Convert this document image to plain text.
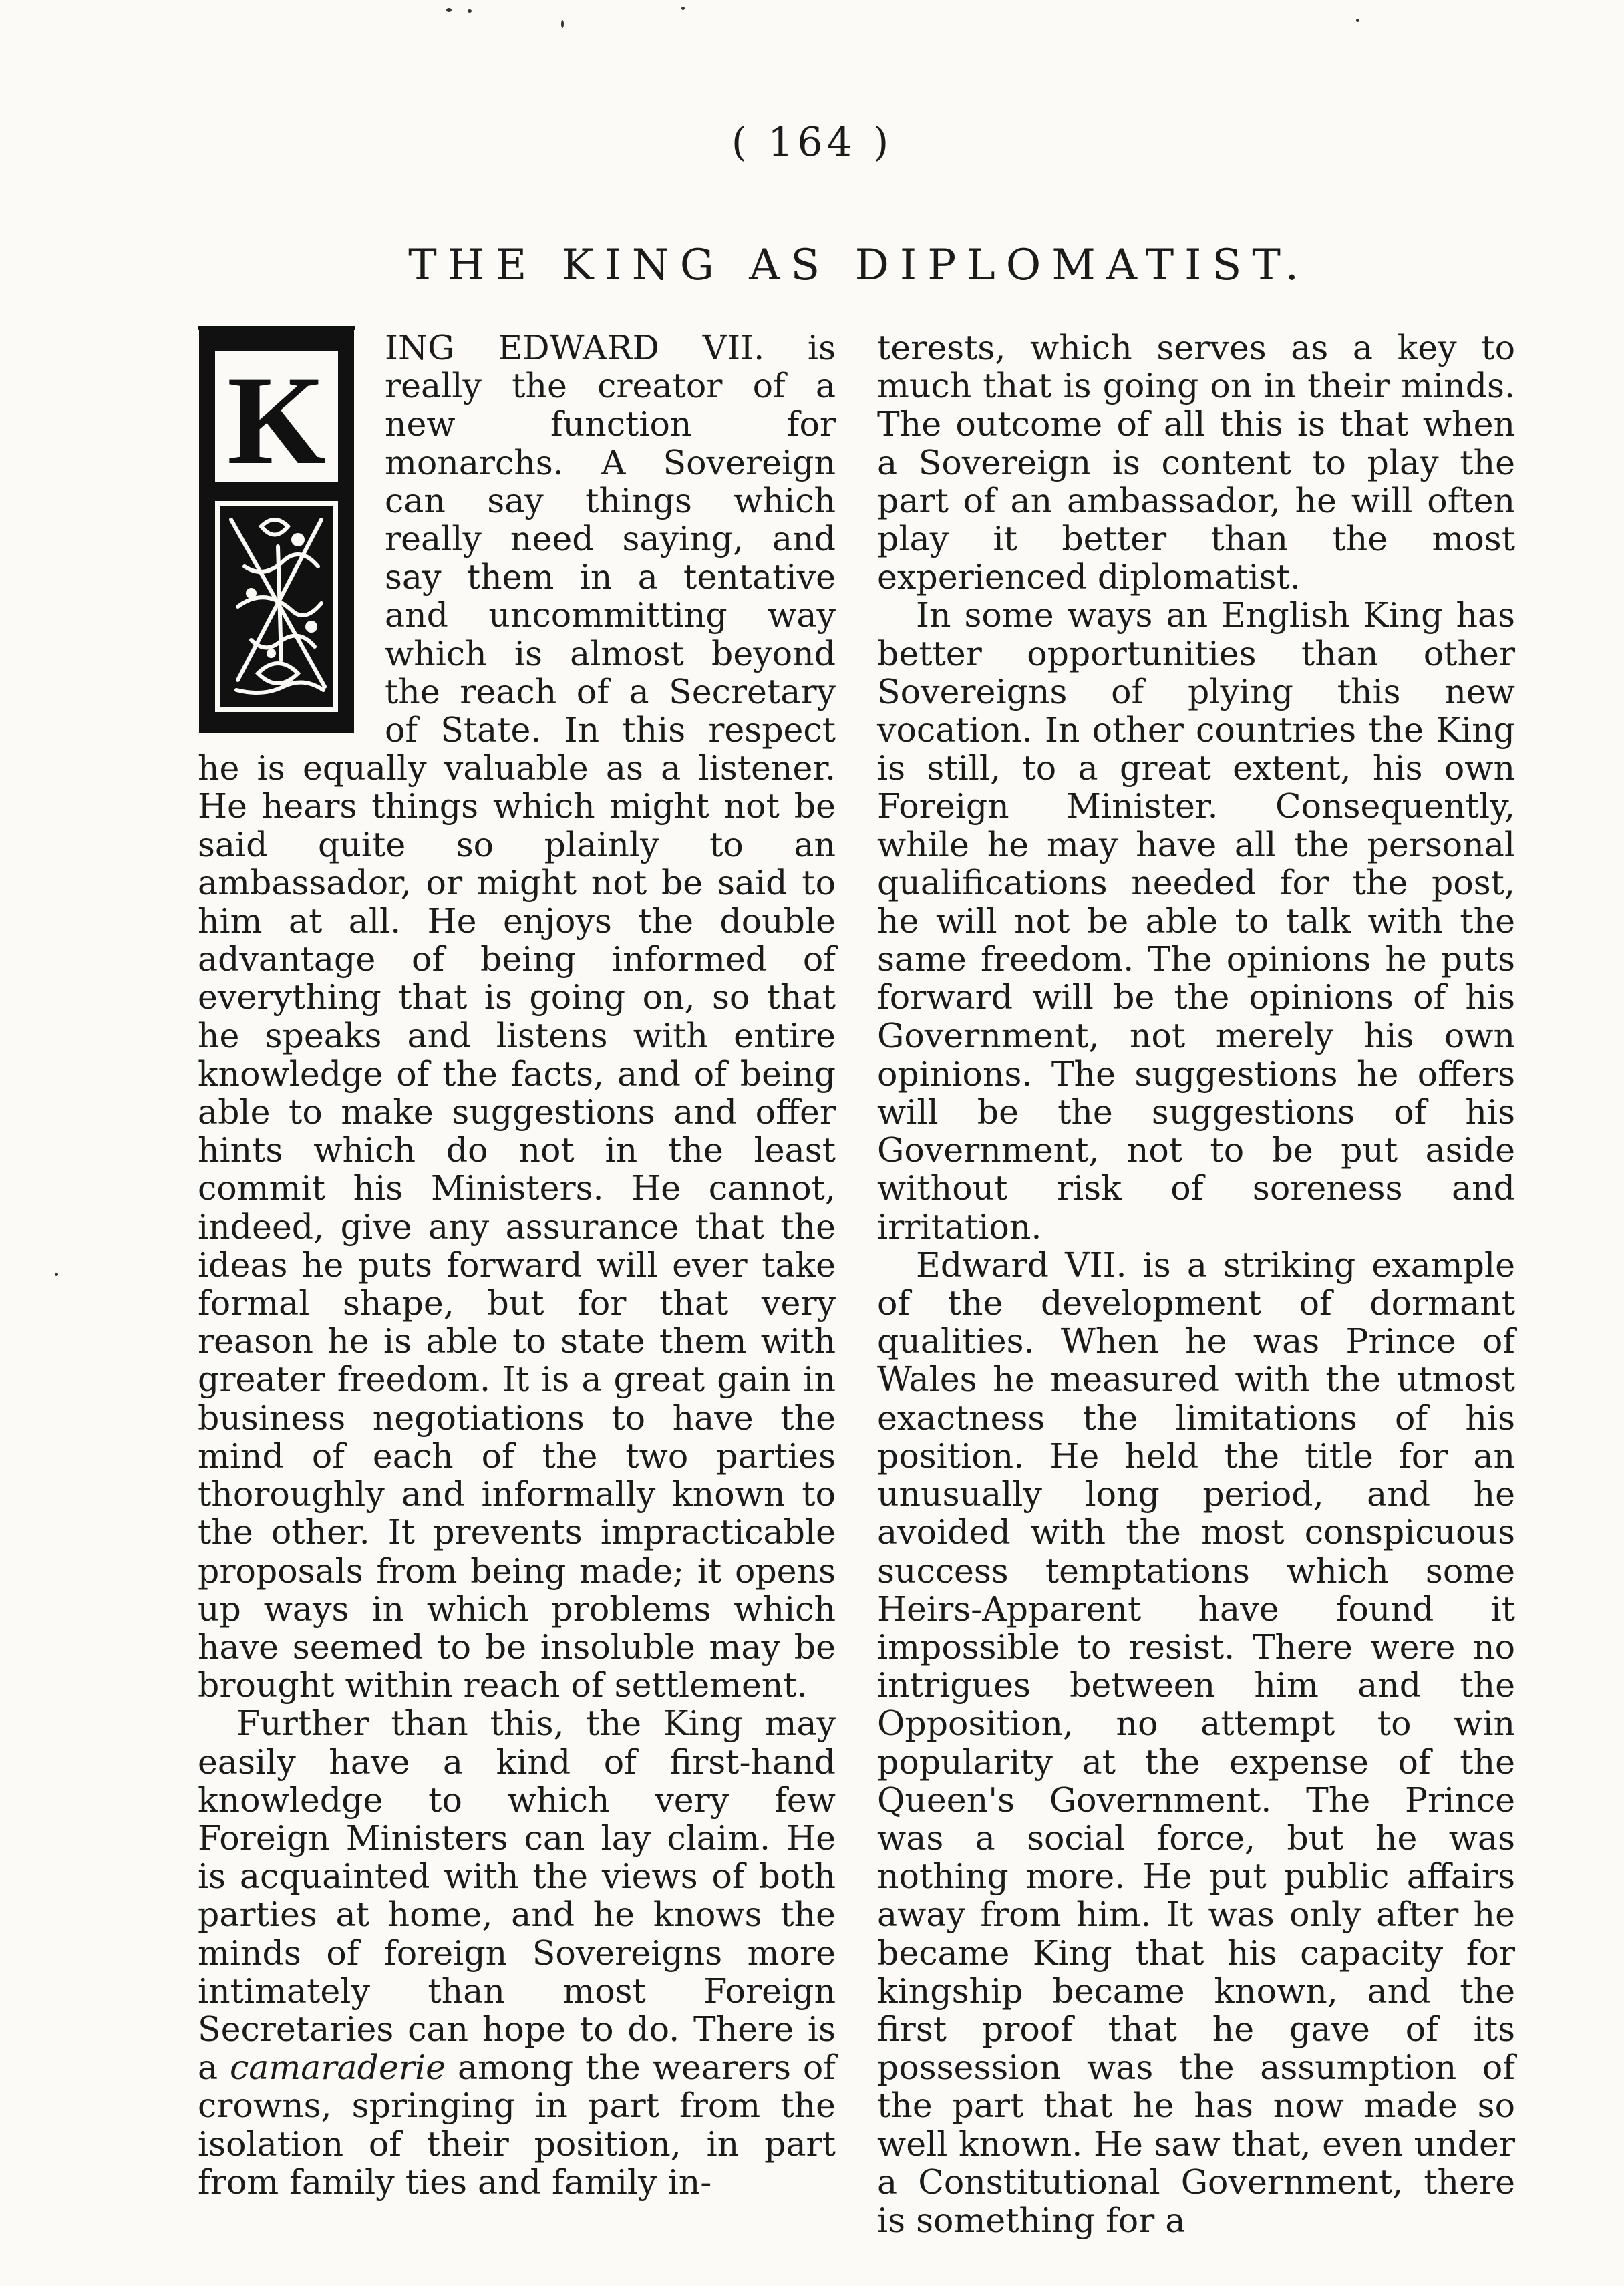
( 164 )
THE KING AS DIPLOMATIST.

K
ING EDWARD VII. is really the creator of a new function for monarchs. A Sovereign can say things which really need saying, and say them in a tentative and uncommitting way which is almost beyond the reach of a Secretary of State. In this respect he is equally valuable as a listener. He hears things which might not be said quite so plainly to an ambassador, or might not be said to him at all. He enjoys the double advantage of being informed of everything that is going on, so that he speaks and listens with entire knowledge of the facts, and of being able to make suggestions and offer hints which do not in the least commit his Ministers. He cannot, indeed, give any assurance that the ideas he puts forward will ever take formal shape, but for that very reason he is able to state them with greater freedom. It is a great gain in business negotiations to have the mind of each of the two parties thoroughly and informally known to the other. It prevents impracticable proposals from being made; it opens up ways in which problems which have seemed to be insoluble may be brought within reach of settlement.

Further than this, the King may easily have a kind of first-hand knowledge to which very few Foreign Ministers can lay claim. He is acquainted with the views of both parties at home, and he knows the minds of foreign Sovereigns more intimately than most Foreign Secretaries can hope to do. There is a camaraderie among the wearers of crowns, springing in part from the isolation of their position, in part from family ties and family in-

terests, which serves as a key to much that is going on in their minds. The outcome of all this is that when a Sovereign is content to play the part of an ambassador, he will often play it better than the most experienced diplomatist.

In some ways an English King has better opportunities than other Sovereigns of plying this new vocation. In other countries the King is still, to a great extent, his own Foreign Minister. Consequently, while he may have all the personal qualifications needed for the post, he will not be able to talk with the same freedom. The opinions he puts forward will be the opinions of his Government, not merely his own opinions. The suggestions he offers will be the suggestions of his Government, not to be put aside without risk of soreness and irritation.

Edward VII. is a striking example of the development of dormant qualities. When he was Prince of Wales he measured with the utmost exactness the limitations of his position. He held the title for an unusually long period, and he avoided with the most conspicuous success temptations which some Heirs-Apparent have found it impossible to resist. There were no intrigues between him and the Opposition, no attempt to win popularity at the expense of the Queen's Government. The Prince was a social force, but he was nothing more. He put public affairs away from him. It was only after he became King that his capacity for kingship became known, and the first proof that he gave of its possession was the assumption of the part that he has now made so well known. He saw that, even under a Constitutional Government, there is something for a
